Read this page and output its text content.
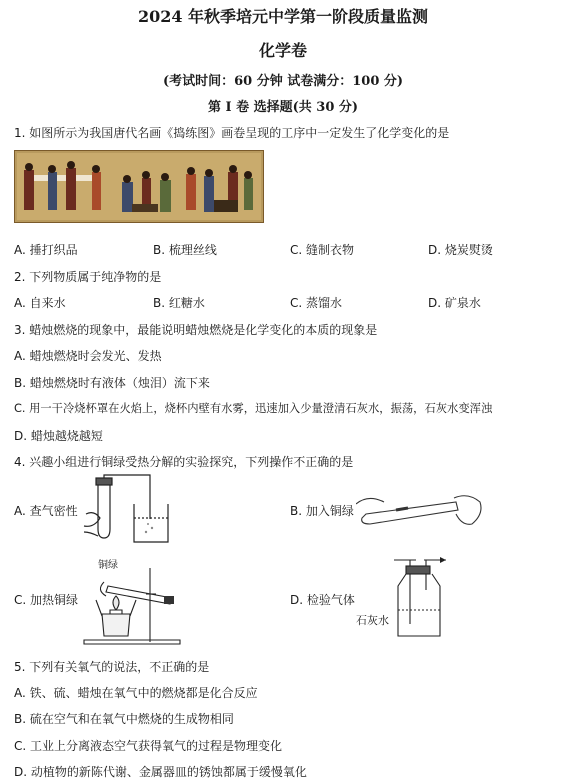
2024 年秋季培元中学第一阶段质量监测
化学卷
(考试时间：60 分钟 试卷满分：100 分)
第 I 卷 选择题(共 30 分)
1. 如图所示为我国唐代名画《捣练图》画卷呈现的工序中一定发生了化学变化的是
A. 捶打织品	B. 梳理丝线	C. 缝制衣物	D. 烧炭熨烫
2. 下列物质属于纯净物的是
A. 自来水	B. 红糖水	C. 蒸馏水	D. 矿泉水
3. 蜡烛燃烧的现象中，最能说明蜡烛燃烧是化学变化的本质的现象是
A. 蜡烛燃烧时会发光、发热
B. 蜡烛燃烧时有液体（烛泪）流下来
C. 用一干冷烧杯罩在火焰上，烧杯内壁有水雾，迅速加入少量澄清石灰水，振荡，石灰水变浑浊
D. 蜡烛越烧越短
4. 兴趣小组进行铜绿受热分解的实验探究，下列操作不正确的是
A. 查气密性	B. 加入铜绿
C. 加热铜绿
铜绿
D. 检验气体
石灰水
5. 下列有关氧气的说法，不正确的是
A. 铁、硫、蜡烛在氧气中的燃烧都是化合反应
B. 硫在空气和在氧气中燃烧的生成物相同
C. 工业上分离液态空气获得氧气的过程是物理变化
D. 动植物的新陈代谢、金属器皿的锈蚀都属于缓慢氧化
